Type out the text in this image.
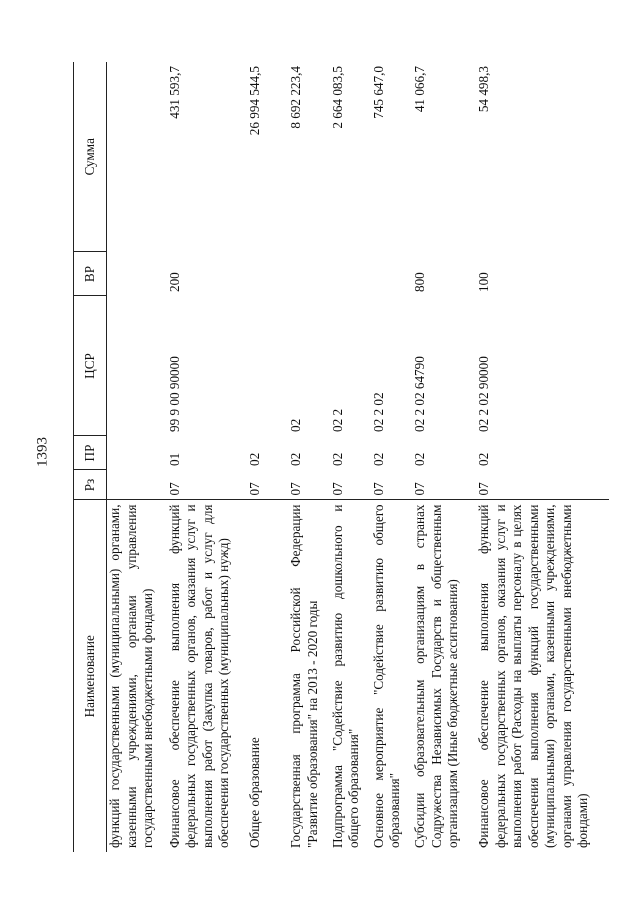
1393
Наименование	Рз	ПР	ЦСР	ВР	Сумма
функций государственными (муниципальными) органами, казенными учреждениями, органами управления государственными внебюджетными фондами)					
Финансовое обеспечение выполнения функций федеральных государственных органов, оказания услуг и выполнения работ (Закупка товаров, работ и услуг для обеспечения государственных (муниципальных) нужд)	07	01	99 9 00 90000	200	431 593,7
Общее образование	07	02			26 994 544,5
Государственная программа Российской Федерации "Развитие образования" на 2013 - 2020 годы	07	02	02		8 692 223,4
Подпрограмма "Содействие развитию дошкольного и общего образования"	07	02	02 2		2 664 083,5
Основное мероприятие "Содействие развитию общего образования"	07	02	02 2 02		745 647,0
Субсидии образовательным организациям в странах Содружества Независимых Государств и общественным организациям (Иные бюджетные ассигнования)	07	02	02 2 02 64790	800	41 066,7
Финансовое обеспечение выполнения функций федеральных государственных органов, оказания услуг и выполнения работ (Расходы на выплаты персоналу в целях обеспечения выполнения функций государственными (муниципальными) органами, казенными учреждениями, органами управления государственными внебюджетными фондами)	07	02	02 2 02 90000	100	54 498,3
